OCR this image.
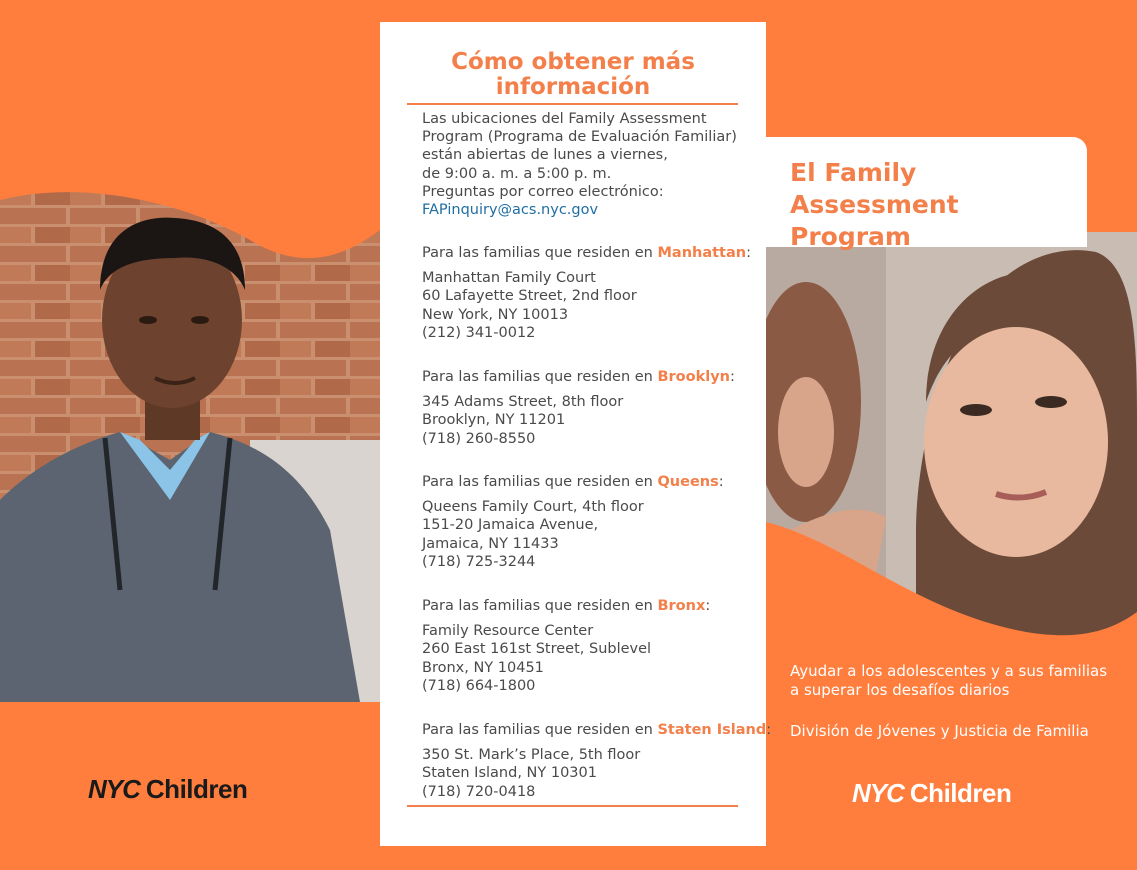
NYC Children
Cómo obtener más
información
Las ubicaciones del Family Assessment
Program (Programa de Evaluación Familiar)
están abiertas de lunes a viernes,
de 9:00 a. m. a 5:00 p. m.
Preguntas por correo electrónico:
FAPinquiry@acs.nyc.gov
Para las familias que residen en Manhattan:
Manhattan Family Court
60 Lafayette Street, 2nd floor
New York, NY 10013
(212) 341-0012
Para las familias que residen en Brooklyn:
345 Adams Street, 8th floor
Brooklyn, NY 11201
(718) 260-8550
Para las familias que residen en Queens:
Queens Family Court, 4th floor
151-20 Jamaica Avenue,
Jamaica, NY 11433
(718) 725-3244
Para las familias que residen en Bronx:
Family Resource Center
260 East 161st Street, Sublevel
Bronx, NY 10451
(718) 664-1800
Para las familias que residen en Staten Island:
350 St. Mark’s Place, 5th floor
Staten Island, NY 10301
(718) 720-0418
El Family Assessment
Program
Ayudar a los adolescentes y a sus familias
a superar los desafíos diarios
División de Jóvenes y Justicia de Familia
NYC Children
